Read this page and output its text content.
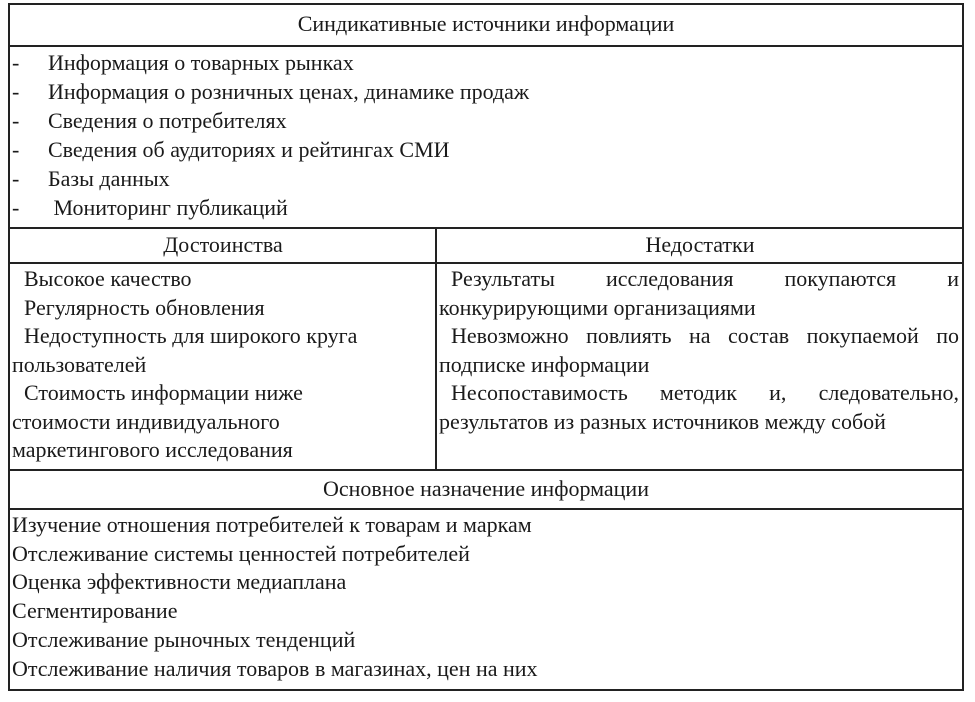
Синдикативные источники информации
- Информация о товарных рынках
- Информация о розничных ценах, динамике продаж
- Сведения о потребителях
- Сведения об аудиториях и рейтингах СМИ
- Базы данных
- Мониторинг публикаций
Достоинства	Недостатки
Высокое качество
Регулярность обновления
Недоступность для широкого круга пользователей
Стоимость информации ниже стоимости индивидуального маркетингового исследования
Результаты исследования покупаются и конкурирующими организациями
Невозможно повлиять на состав покупаемой по подписке информации
Несопоставимость методик и, следовательно, результатов из разных источников между собой
Основное назначение информации
Изучение отношения потребителей к товарам и маркам
Отслеживание системы ценностей потребителей
Оценка эффективности медиаплана
Сегментирование
Отслеживание рыночных тенденций
Отслеживание наличия товаров в магазинах, цен на них
